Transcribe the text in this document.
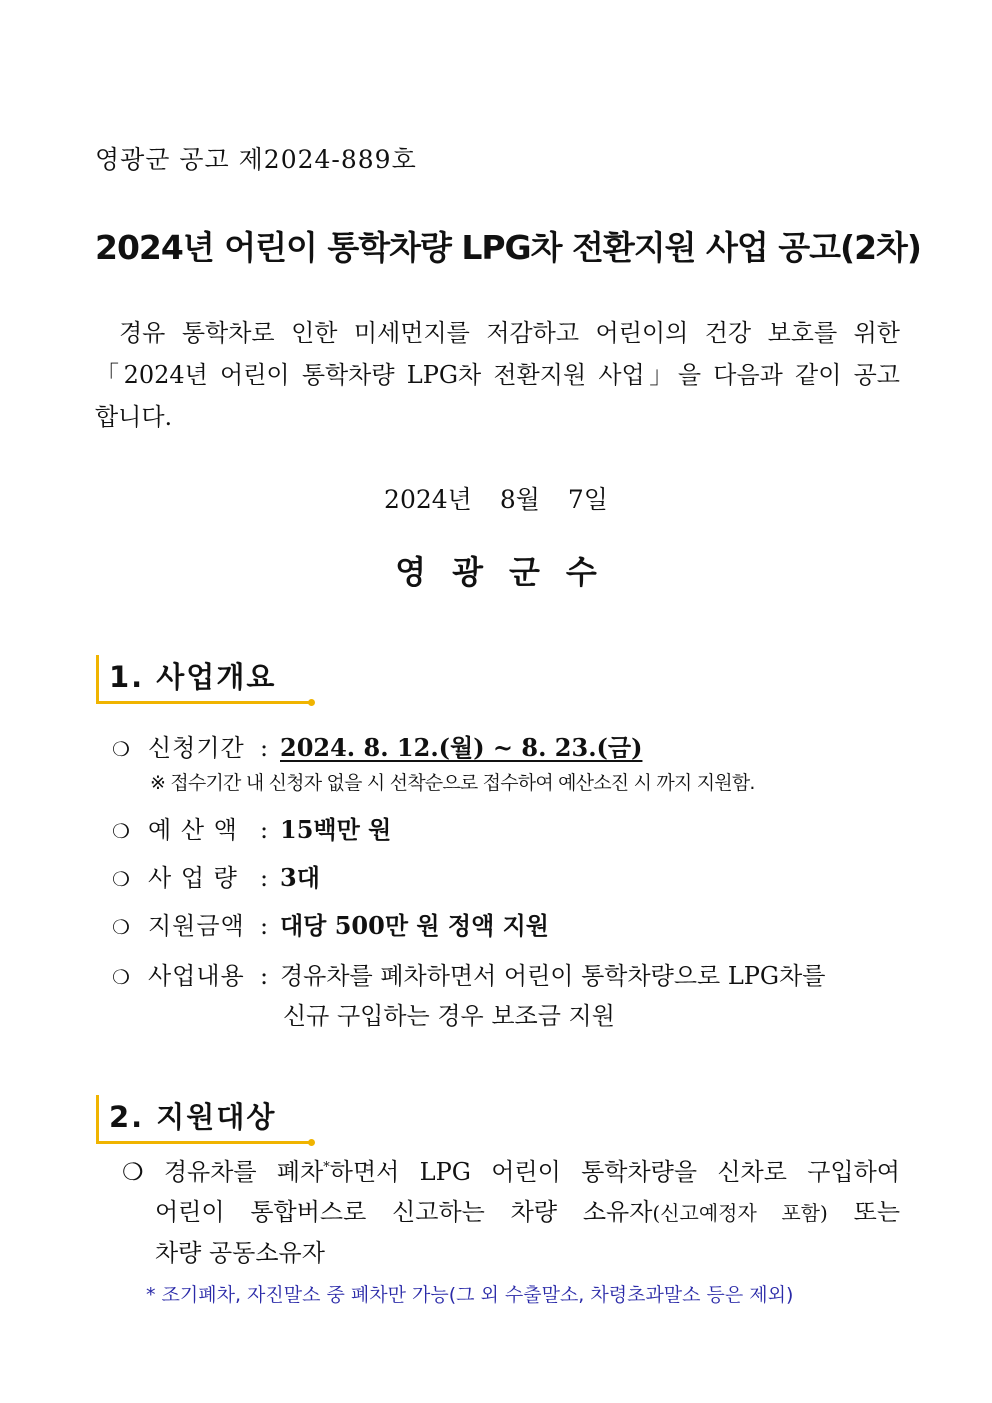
영광군 공고 제2024-889호
2024년 어린이 통학차량 LPG차 전환지원 사업 공고(2차)

경유 통학차로 인한 미세먼지를 저감하고 어린이의 건강 보호를 위한

「2024년 어린이 통학차량 LPG차 전환지원 사업」을 다음과 같이 공고

합니다.

2024년 8월 7일
영광군수
1. 사업개요
❍ 신청기간 : 2024. 8. 12.(월) ~ 8. 23.(금)
※ 접수기간 내 신청자 없을 시 선착순으로 접수하여 예산소진 시 까지 지원함.
❍ 예 산 액 : 15백만 원
❍ 사 업 량 : 3대
❍ 지원금액 : 대당 500만 원 정액 지원
❍ 사업내용 : 경유차를 폐차하면서 어린이 통학차량으로 LPG차를
신규 구입하는 경우 보조금 지원
2. 지원대상

❍ 경유차를 폐차*하면서 LPG 어린이 통학차량을 신차로 구입하여

어린이 통합버스로 신고하는 차량 소유자(신고예정자 포함) 또는

차량 공동소유자

* 조기폐차, 자진말소 중 폐차만 가능(그 외 수출말소, 차령초과말소 등은 제외)
